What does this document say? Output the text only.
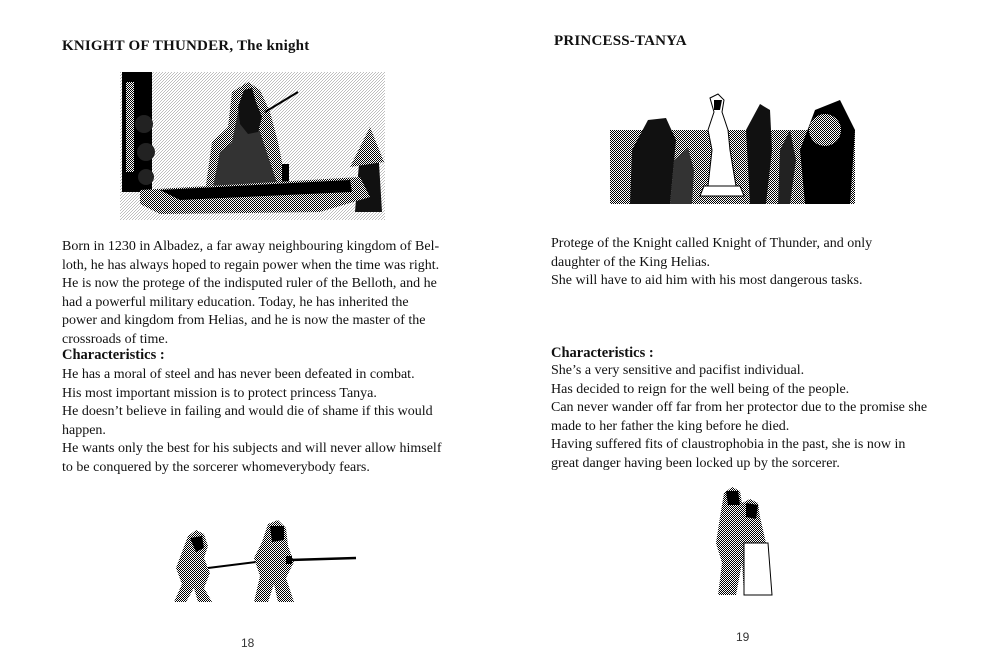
KNIGHT OF THUNDER, The knight
Born in 1230 in Albadez, a far away neighbouring kingdom of Bel-
loth, he has always hoped to regain power when the time was right.
He is now the protege of the indisputed ruler of the Belloth, and he
had a powerful military education. Today, he has inherited the
power and kingdom from Helias, and he is now the master of the
crossroads of time.
Characteristics :
He has a moral of steel and has never been defeated in combat.
His most important mission is to protect princess Tanya.
He doesn’t believe in failing and would die of shame if this would
happen.
He wants only the best for his subjects and will never allow himself
to be conquered by the sorcerer whomeverybody fears.
18
PRINCESS-TANYA
Protege of the Knight called Knight of Thunder, and only
daughter of the King Helias.
She will have to aid him with his most dangerous tasks.
Characteristics :
She’s a very sensitive and pacifist individual.
Has decided to reign for the well being of the people.
Can never wander off far from her protector due to the promise she
made to her father the king before he died.
Having suffered fits of claustrophobia in the past, she is now in
great danger having been locked up by the sorcerer.
19
